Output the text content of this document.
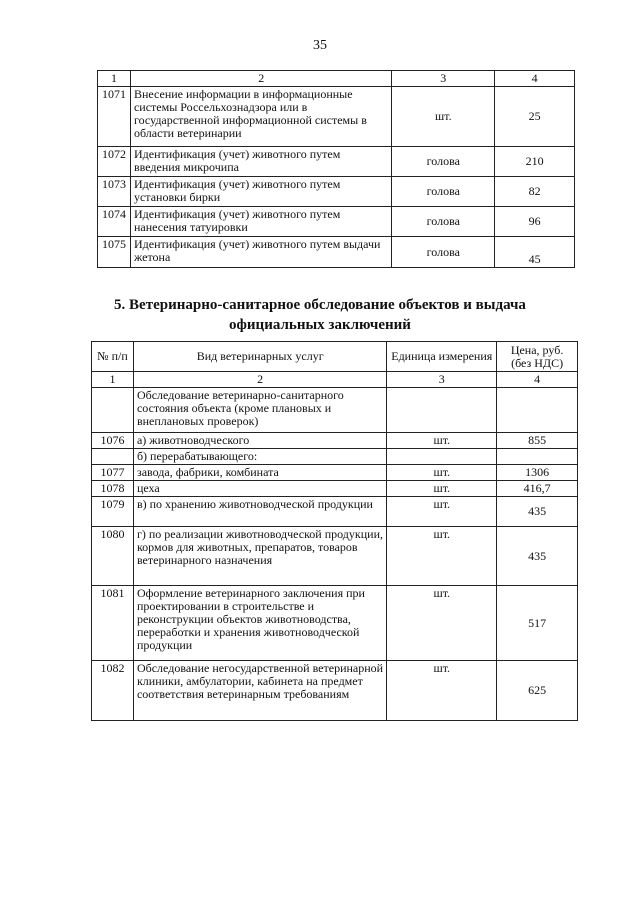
35
1	2	3	4
1071	Внесение информации в информационные системы Россельхознадзора или в государственной информационной системы в области ветеринарии	шт.	25
1072	Идентификация (учет) животного путем введения микрочипа	голова	210
1073	Идентификация (учет) животного путем установки бирки	голова	82
1074	Идентификация (учет) животного путем нанесения татуировки	голова	96
1075	Идентификация (учет) животного путем выдачи жетона	голова	45
5. Ветеринарно-санитарное обследование объектов и выдача
официальных заключений
№ п/п	Вид ветеринарных услуг	Единица измерения	Цена, руб. (без НДС)
1	2	3	4
	Обследование ветеринарно-санитарного состояния объекта (кроме плановых и внеплановых проверок)		
1076	а) животноводческого	шт.	855
	б) перерабатывающего:		
1077	завода, фабрики, комбината	шт.	1306
1078	цеха	шт.	416,7
1079	в) по хранению животноводческой продукции	шт.	435
1080	г) по реализации животноводческой продукции, кормов для животных, препаратов, товаров ветеринарного назначения	шт.	435
1081	Оформление ветеринарного заключения при проектировании в строительстве и реконструкции объектов животноводства, переработки и хранения животноводческой продукции	шт.	517
1082	Обследование негосударственной ветеринарной клиники, амбулатории, кабинета на предмет соответствия ветеринарным требованиям	шт.	625
